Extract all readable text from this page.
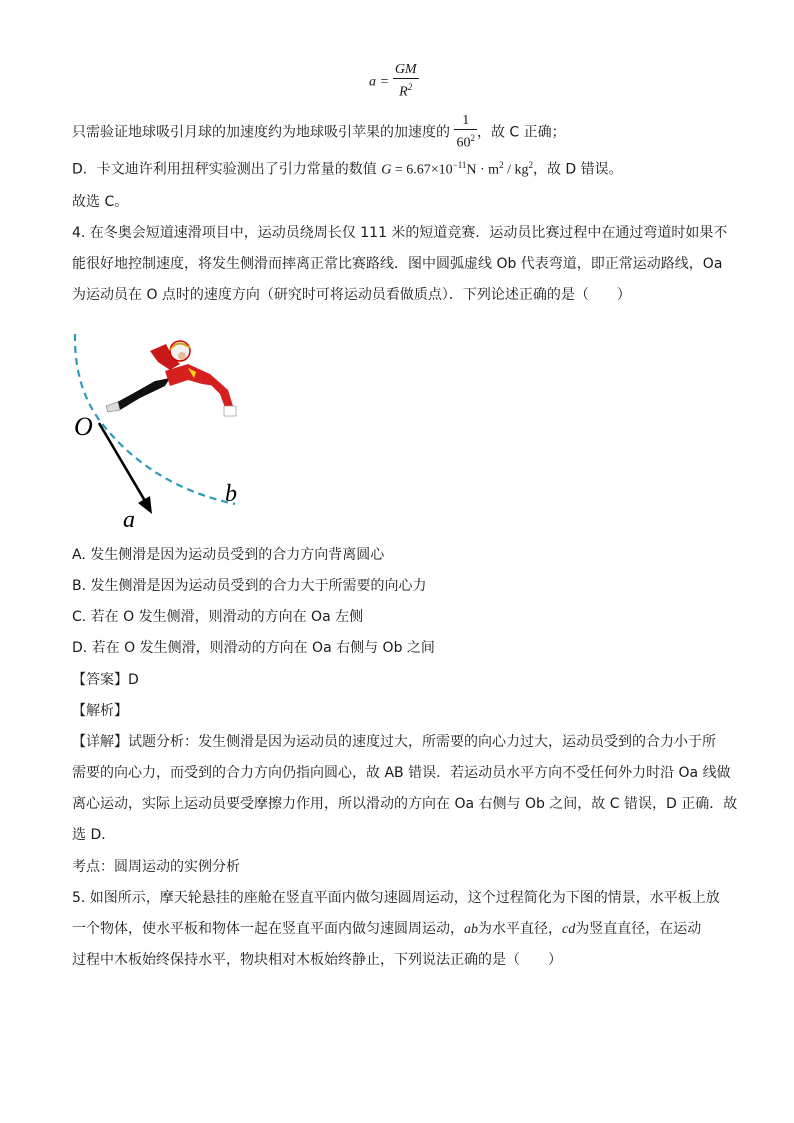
$a = \frac{GM}{R^2}$
只需验证地球吸引月球的加速度约为地球吸引苹果的加速度的 $\frac{1}{60^2}$ ，故 C 正确；
D．卡文迪许利用扭秤实验测出了引力常量的数值 $G = 6.67\times 10^{-11}N \cdot m^2 / kg^2$，故 D 错误。
故选 C。
4. 在冬奥会短道速滑项目中，运动员绕周长仅 111 米的短道竞赛．运动员比赛过程中在通过弯道时如果不
能很好地控制速度，将发生侧滑而摔离正常比赛路线．图中圆弧虚线 Ob 代表弯道，即正常运动路线，Oa
为运动员在 O 点时的速度方向（研究时可将运动员看做质点）．下列论述正确的是（　　）
O
b
a
A. 发生侧滑是因为运动员受到的合力方向背离圆心
B. 发生侧滑是因为运动员受到的合力大于所需要的向心力
C. 若在 O 发生侧滑，则滑动的方向在 Oa 左侧
D. 若在 O 发生侧滑，则滑动的方向在 Oa 右侧与 Ob 之间
【答案】D
【解析】
【详解】试题分析：发生侧滑是因为运动员的速度过大，所需要的向心力过大，运动员受到的合力小于所
需要的向心力，而受到的合力方向仍指向圆心，故 AB 错误．若运动员水平方向不受任何外力时沿 Oa 线做
离心运动，实际上运动员要受摩擦力作用，所以滑动的方向在 Oa 右侧与 Ob 之间，故 C 错误，D 正确．故
选 D．
考点：圆周运动的实例分析
5. 如图所示，摩天轮悬挂的座舱在竖直平面内做匀速圆周运动，这个过程简化为下图的情景，水平板上放
一个物体，使水平板和物体一起在竖直平面内做匀速圆周运动，ab为水平直径，cd为竖直直径，在运动
过程中木板始终保持水平，物块相对木板始终静止，下列说法正确的是（　　）
